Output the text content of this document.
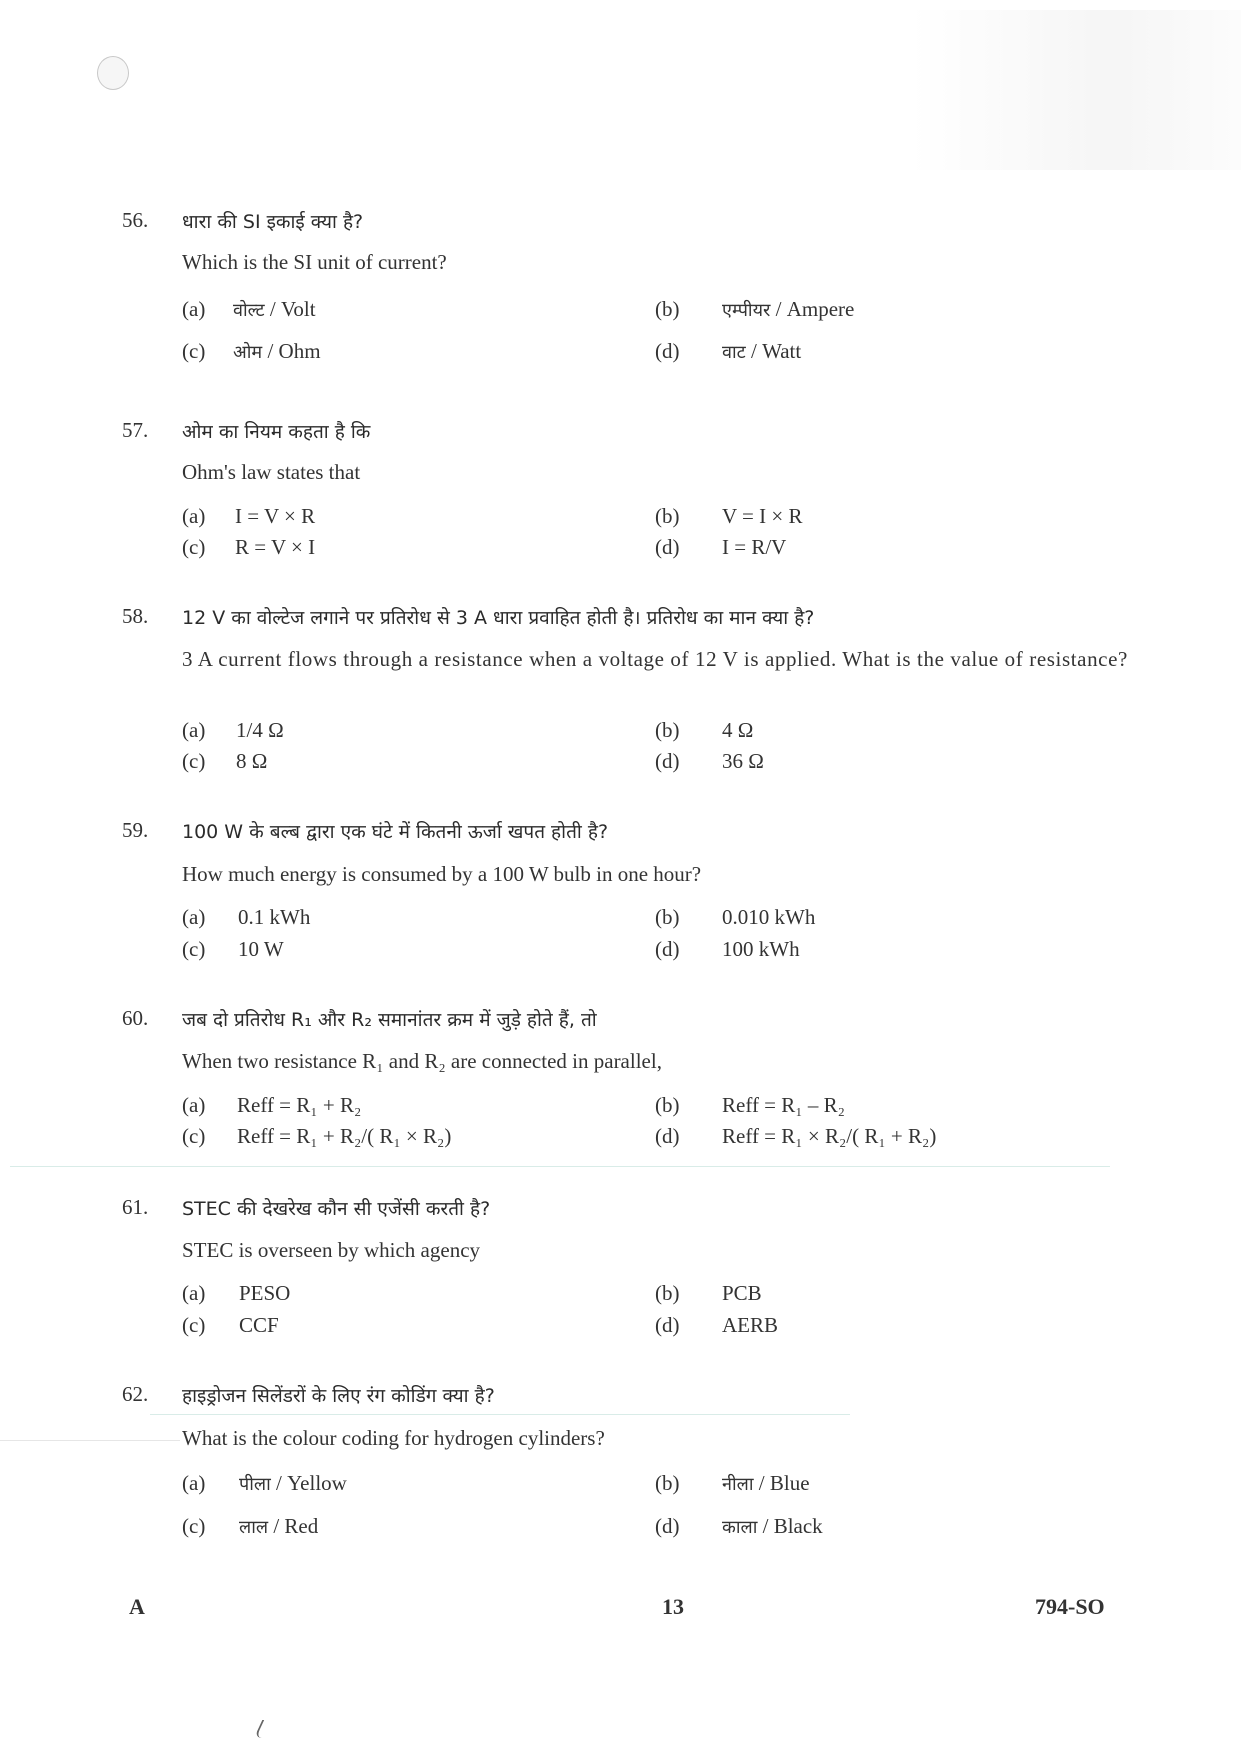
56. धारा की SI इकाई क्या है?
Which is the SI unit of current?
(a) वोल्ट / Volt	(b) एम्पीयर / Ampere
(c) ओम / Ohm	(d) वाट / Watt
57. ओम का नियम कहता है कि
Ohm's law states that
(a) I = V × R	(b) V = I × R
(c) R = V × I	(d) I = R/V
58. 12 V का वोल्टेज लगाने पर प्रतिरोध से 3 A धारा प्रवाहित होती है। प्रतिरोध का मान क्या है?
3 A current flows through a resistance when a voltage of 12 V is applied. What is the value of resistance?
(a) 1/4 Ω	(b) 4 Ω
(c) 8 Ω	(d) 36 Ω
59. 100 W के बल्ब द्वारा एक घंटे में कितनी ऊर्जा खपत होती है?
How much energy is consumed by a 100 W bulb in one hour?
(a) 0.1 kWh	(b) 0.010 kWh
(c) 10 W	(d) 100 kWh
60. जब दो प्रतिरोध R₁ और R₂ समानांतर क्रम में जुड़े होते हैं, तो
When two resistance R₁ and R₂ are connected in parallel,
(a) Reff = R₁ + R₂	(b) Reff = R₁ – R₂
(c) Reff = R₁ + R₂/( R₁ × R₂)	(d) Reff = R₁ × R₂/( R₁ + R₂)
61. STEC की देखरेख कौन सी एजेंसी करती है?
STEC is overseen by which agency
(a) PESO	(b) PCB
(c) CCF	(d) AERB
62. हाइड्रोजन सिलेंडरों के लिए रंग कोडिंग क्या है?
What is the colour coding for hydrogen cylinders?
(a) पीला / Yellow	(b) नीला / Blue
(c) लाल / Red	(d) काला / Black
A	13	794-SO
